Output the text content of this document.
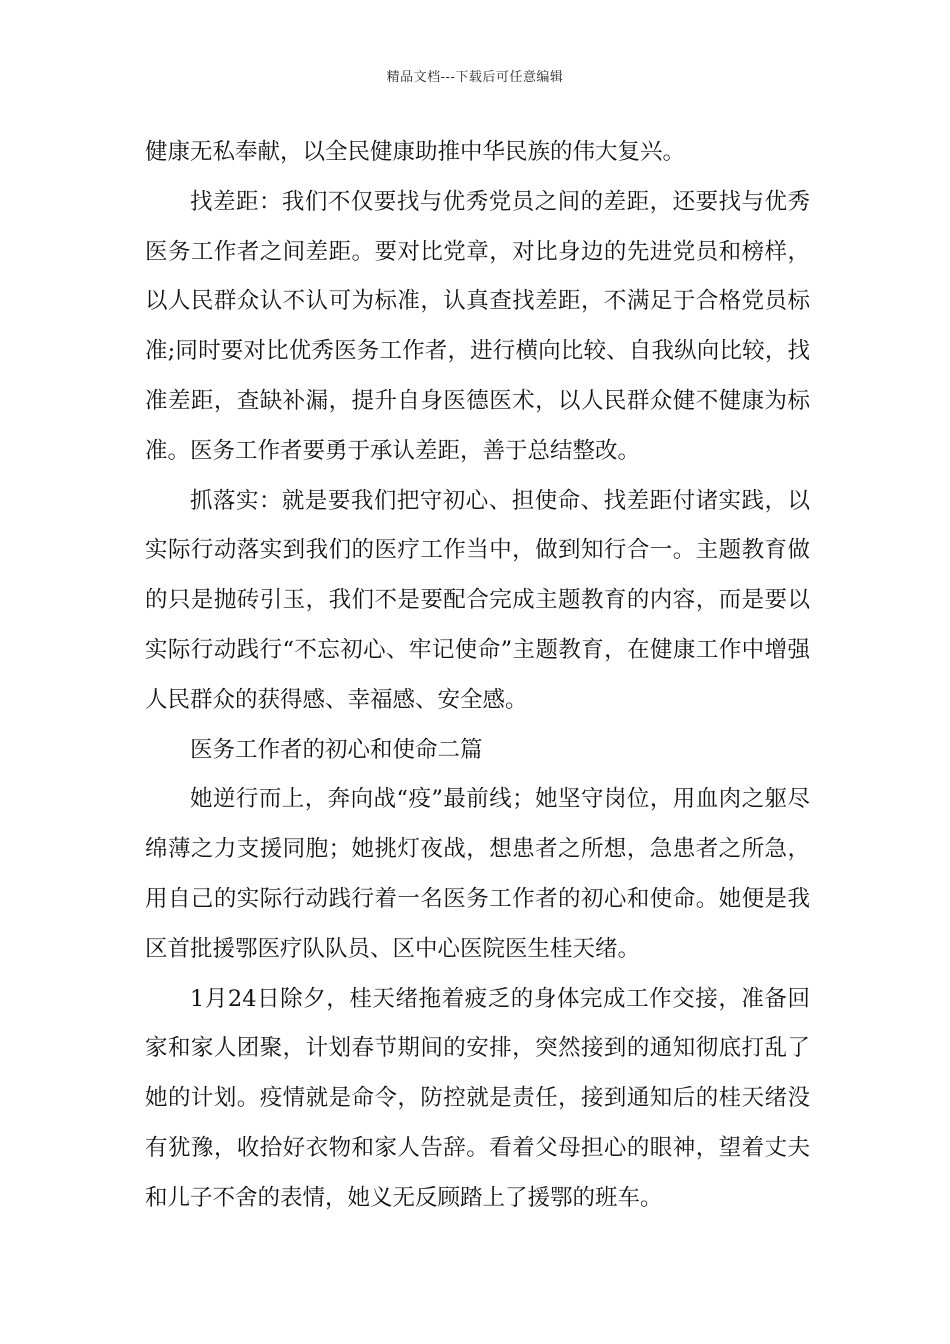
精品文档---下载后可任意编辑

健康无私奉献，以全民健康助推中华民族的伟大复兴。

找差距：我们不仅要找与优秀党员之间的差距，还要找与优秀医务工作者之间差距。要对比党章，对比身边的先进党员和榜样，以人民群众认不认可为标准，认真查找差距，不满足于合格党员标准;同时要对比优秀医务工作者，进行横向比较、自我纵向比较，找准差距，查缺补漏，提升自身医德医术，以人民群众健不健康为标准。医务工作者要勇于承认差距，善于总结整改。

抓落实：就是要我们把守初心、担使命、找差距付诸实践，以实际行动落实到我们的医疗工作当中，做到知行合一。主题教育做的只是抛砖引玉，我们不是要配合完成主题教育的内容，而是要以实际行动践行“不忘初心、牢记使命”主题教育，在健康工作中增强人民群众的获得感、幸福感、安全感。

医务工作者的初心和使命二篇

她逆行而上，奔向战“疫”最前线；她坚守岗位，用血肉之躯尽绵薄之力支援同胞；她挑灯夜战，想患者之所想，急患者之所急，用自己的实际行动践行着一名医务工作者的初心和使命。她便是我区首批援鄂医疗队队员、区中心医院医生桂天绪。

1月24日除夕，桂天绪拖着疲乏的身体完成工作交接，准备回家和家人团聚，计划春节期间的安排，突然接到的通知彻底打乱了她的计划。疫情就是命令，防控就是责任，接到通知后的桂天绪没有犹豫，收拾好衣物和家人告辞。看着父母担心的眼神，望着丈夫和儿子不舍的表情，她义无反顾踏上了援鄂的班车。
